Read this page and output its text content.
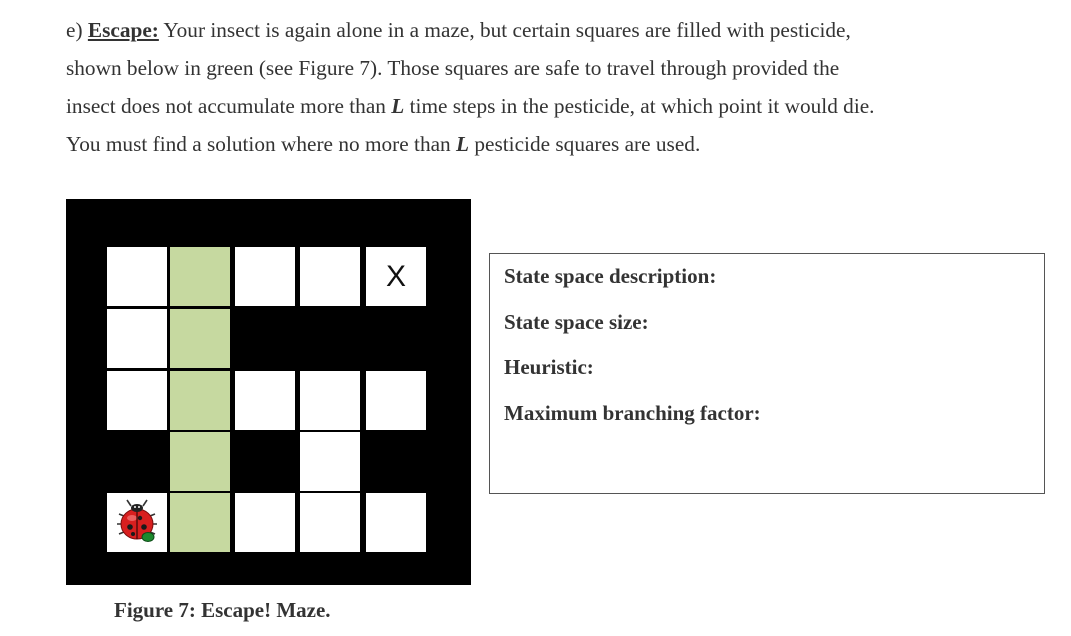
e) Escape: Your insect is again alone in a maze, but certain squares are filled with pesticide,
shown below in green (see Figure 7). Those squares are safe to travel through provided the
insect does not accumulate more than L time steps in the pesticide, at which point it would die.
You must find a solution where no more than L pesticide squares are used.
X
Figure 7: Escape! Maze.
State space description:
State space size:
Heuristic:
Maximum branching factor:
